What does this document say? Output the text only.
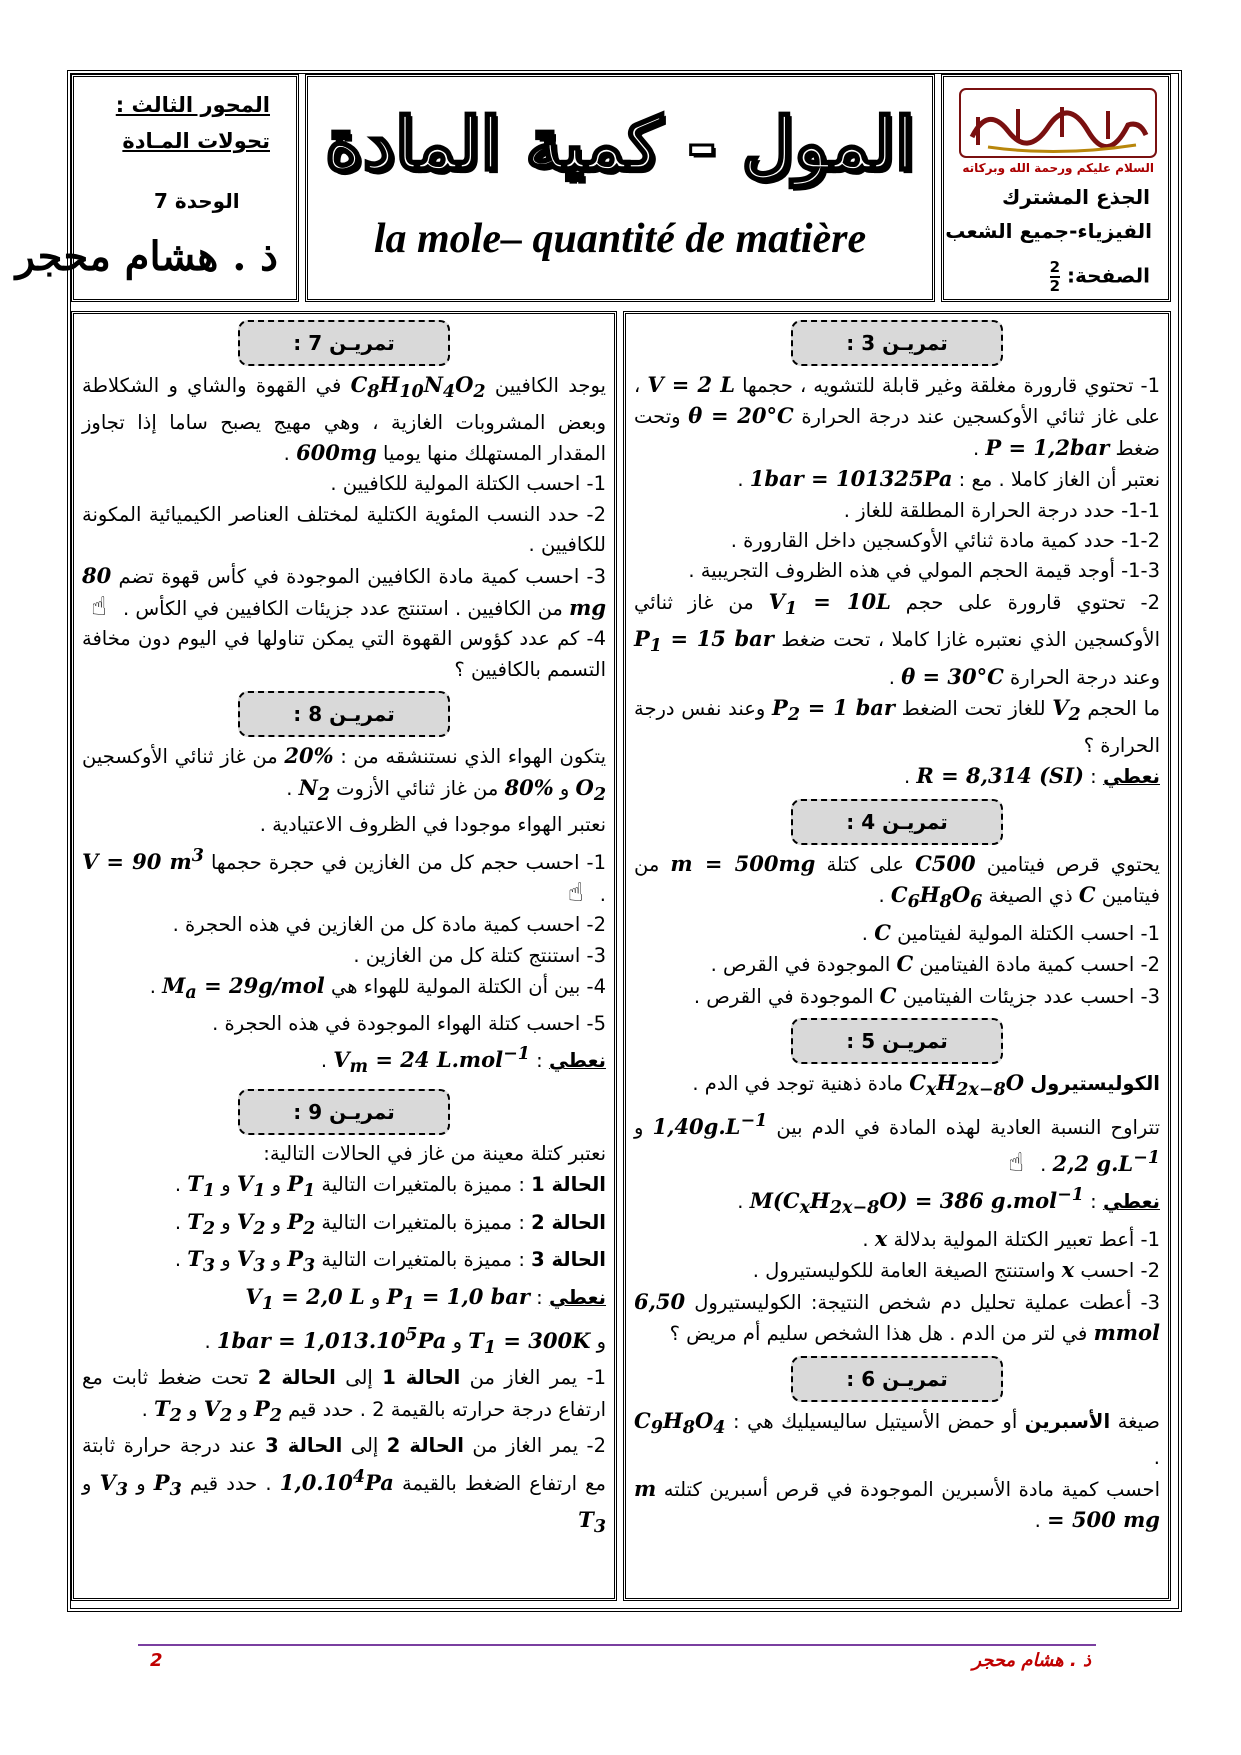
المحور الثالث :
تحولات المـادة
الوحدة 7
ذ . هشام محجر
المول - كمية المادة
la mole– quantité de matière
السلام عليكم ورحمة الله وبركاته
الجذع المشترك
الفيزياء-جميع الشعب
الصفحة:
$\frac{2}{2}$
تمريـن 3 :

1- تحتوي قارورة مغلقة وغير قابلة للتشويه ، حجمها V = 2 L ، على غاز ثنائي الأوكسجين عند درجة الحرارة θ = 20°C وتحت ضغط P = 1,2bar .
نعتبر أن الغاز كاملا . مع : 1bar = 101325Pa .
1-1- حدد درجة الحرارة المطلقة للغاز .
1-2- حدد كمية مادة ثنائي الأوكسجين داخل القارورة .
1-3- أوجد قيمة الحجم المولي في هذه الظروف التجريبية .
2- تحتوي قارورة على حجم $V_1 = 10L$ من غاز ثنائي الأوكسجين الذي نعتبره غازا كاملا ، تحت ضغط $P_1 = 15$ bar وعند درجة الحرارة θ = 30°C .
ما الحجم $V_2$ للغاز تحت الضغط $P_2 = 1$ bar وعند نفس درجة الحرارة ؟
نعطي : R = 8,314 (SI) .

تمريـن 4 :

يحتوي قرص فيتامين C500 على كتلة m = 500mg من فيتامين C ذي الصيغة $C_6H_8O_6$ .
1- احسب الكتلة المولية لفيتامين C .
2- احسب كمية مادة الفيتامين C الموجودة في القرص .
3- احسب عدد جزيئات الفيتامين C الموجودة في القرص .

تمريـن 5 :

الكوليستيرول $C_xH_{2x-8}O$ مادة ذهنية توجد في الدم .
تتراوح النسبة العادية لهذه المادة في الدم بين $1,40g.L^{-1}$ و 2,2 $g.L^{-1}$ . ☝
نعطي : $M(C_xH_{2x-8}O) = 386$ g.mol$^{-1}$ .
1- أعط تعبير الكتلة المولية بدلالة x .
2- احسب x واستنتج الصيغة العامة للكوليستيرول .
3- أعطت عملية تحليل دم شخص النتيجة: الكوليستيرول 6,50 mmol في لتر من الدم . هل هذا الشخص سليم أم مريض ؟

تمريـن 6 :

صيغة الأسبرين أو حمض الأسيتيل ساليسيليك هي : $C_9H_8O_4$ .
احسب كمية مادة الأسبرين الموجودة في قرص أسبرين كتلته m = 500 mg .

تمريـن 7 :

يوجد الكافيين $C_8H_{10}N_4O_2$ في القهوة والشاي و الشكلاطة وبعض المشروبات الغازية ، وهي مهيج يصبح ساما إذا تجاوز المقدار المستهلك منها يوميا 600mg .
1- احسب الكتلة المولية للكافيين .
2- حدد النسب المئوية الكتلية لمختلف العناصر الكيميائية المكونة للكافيين .
3- احسب كمية مادة الكافيين الموجودة في كأس قهوة تضم 80 mg من الكافيين . استنتج عدد جزيئات الكافيين في الكأس . ☝
4- كم عدد كؤوس القهوة التي يمكن تناولها في اليوم دون مخافة التسمم بالكافيين ؟

تمريـن 8 :

يتكون الهواء الذي نستنشقه من : 20% من غاز ثنائي الأوكسجين $O_2$ و 80% من غاز ثنائي الأزوت $N_2$ .
نعتبر الهواء موجودا في الظروف الاعتيادية .
1- احسب حجم كل من الغازين في حجرة حجمها V = 90 $m^3$ . ☝
2- احسب كمية مادة كل من الغازين في هذه الحجرة .
3- استنتج كتلة كل من الغازين .
4- بين أن الكتلة المولية للهواء هي $M_a = 29g/mol$ .
5- احسب كتلة الهواء الموجودة في هذه الحجرة .
نعطي : $V_m = 24$ L.mol$^{-1}$ .

تمريـن 9 :

نعتبر كتلة معينة من غاز في الحالات التالية:
الحالة 1 : مميزة بالمتغيرات التالية $P_1$ و $V_1$ و $T_1$ .
الحالة 2 : مميزة بالمتغيرات التالية $P_2$ و $V_2$ و $T_2$ .
الحالة 3 : مميزة بالمتغيرات التالية $P_3$ و $V_3$ و $T_3$ .
نعطي : $P_1 = 1,0$ bar و $V_1 = 2,0$ L
و $T_1 = 300K$ و $1bar = 1,013.10^5Pa$ .
1- يمر الغاز من الحالة 1 إلى الحالة 2 تحت ضغط ثابت مع ارتفاع درجة حرارته بالقيمة 2 . حدد قيم $P_2$ و $V_2$ و $T_2$ .
2- يمر الغاز من الحالة 2 إلى الحالة 3 عند درجة حرارة ثابتة مع ارتفاع الضغط بالقيمة 1,0.10$^4$Pa . حدد قيم $P_3$ و $V_3$ و $T_3$

2	ذ . هشام محجر
